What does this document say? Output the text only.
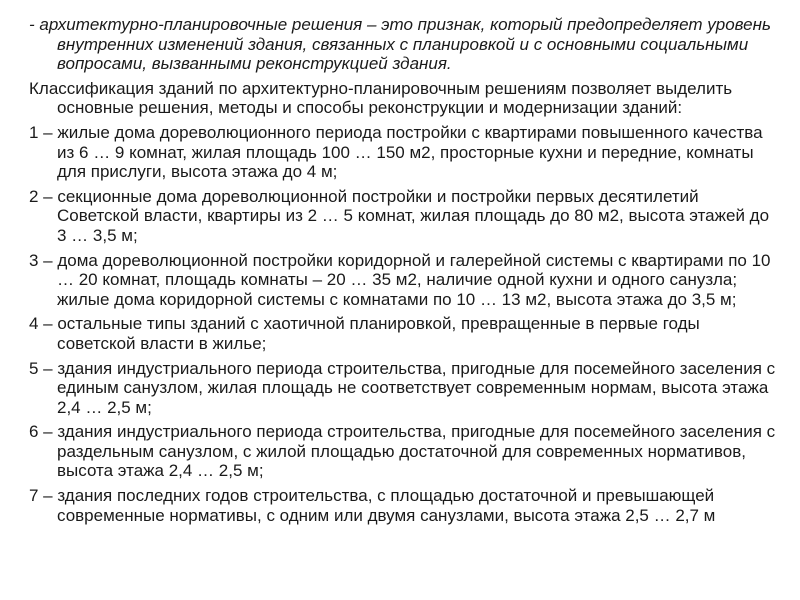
- архитектурно-планировочные решения – это признак, который предопределяет уровень внутренних изменений здания, связанных с планировкой и с основными социальными вопросами, вызванными реконструкцией здания.

Классификация зданий по архитектурно-планировочным решениям позволяет выделить основные решения, методы и способы реконструкции и модернизации зданий:

1 – жилые дома дореволюционного периода постройки с квартирами повышенного качества из 6 … 9 комнат, жилая площадь 100 … 150 м2, просторные кухни и передние, комнаты для прислуги, высота этажа до 4 м;

2 – секционные дома дореволюционной постройки и постройки первых десятилетий Советской власти, квартиры из 2 … 5 комнат, жилая площадь до 80 м2, высота этажей до 3 … 3,5 м;

3 – дома дореволюционной постройки коридорной и галерейной системы с квартирами по 10 … 20 комнат, площадь комнаты – 20 … 35 м2, наличие одной кухни и одного санузла; жилые дома коридорной системы с комнатами по 10 … 13 м2, высота этажа до 3,5 м;

4 – остальные типы зданий с хаотичной планировкой, превращенные в первые годы советской власти в жилье;

5 – здания индустриального периода строительства, пригодные для посемейного заселения с единым санузлом, жилая площадь не соответствует современным нормам, высота этажа 2,4 … 2,5 м;

6 – здания индустриального периода строительства, пригодные для посемейного заселения с раздельным санузлом, с жилой площадью достаточной для современных нормативов, высота этажа 2,4 … 2,5 м;

7 – здания последних годов строительства, с площадью достаточной и превышающей современные нормативы, с одним или двумя санузлами, высота этажа 2,5 … 2,7 м
